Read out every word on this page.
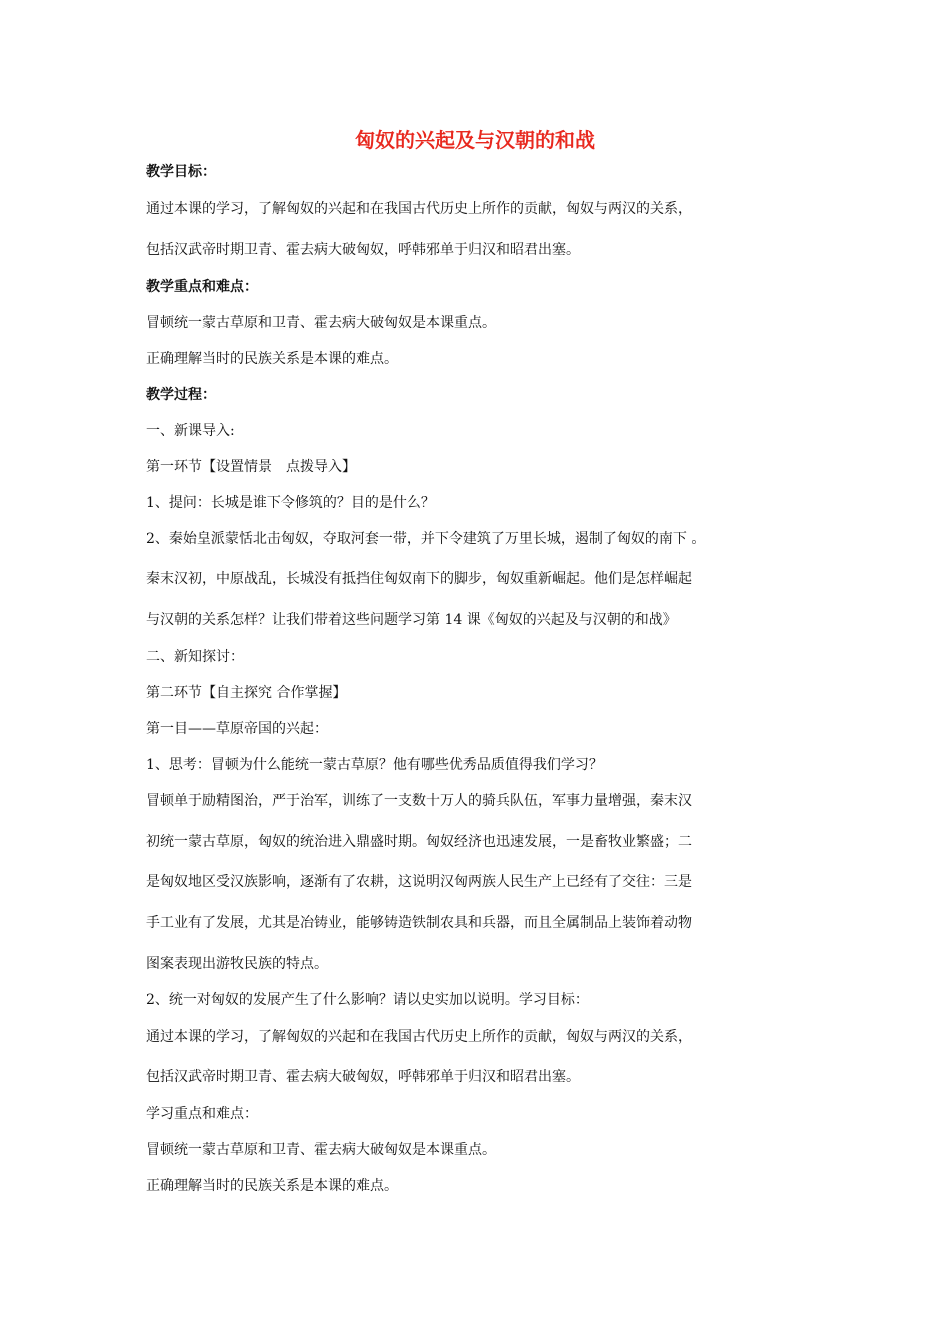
匈奴的兴起及与汉朝的和战
教学目标：
通过本课的学习，了解匈奴的兴起和在我国古代历史上所作的贡献，匈奴与两汉的关系，
包括汉武帝时期卫青、霍去病大破匈奴，呼韩邪单于归汉和昭君出塞。
教学重点和难点：
冒顿统一蒙古草原和卫青、霍去病大破匈奴是本课重点。
正确理解当时的民族关系是本课的难点。
教学过程：
一、新课导入:
第一环节【设置情景　点拨导入】
1、提问：长城是谁下令修筑的？目的是什么？
2、秦始皇派蒙恬北击匈奴，夺取河套一带，并下令建筑了万里长城，遏制了匈奴的南下 。
秦末汉初，中原战乱，长城没有抵挡住匈奴南下的脚步，匈奴重新崛起。他们是怎样崛起
与汉朝的关系怎样？让我们带着这些问题学习第 14 课《匈奴的兴起及与汉朝的和战》
二、新知探讨：
第二环节【自主探究 合作掌握】
第一目——草原帝国的兴起：
1、思考：冒顿为什么能统一蒙古草原？他有哪些优秀品质值得我们学习？
冒顿单于励精图治，严于治军，训练了一支数十万人的骑兵队伍，军事力量增强，秦末汉
初统一蒙古草原，匈奴的统治进入鼎盛时期。匈奴经济也迅速发展，一是畜牧业繁盛；二
是匈奴地区受汉族影响，逐渐有了农耕，这说明汉匈两族人民生产上已经有了交往：三是
手工业有了发展，尤其是冶铸业，能够铸造铁制农具和兵器，而且全属制品上装饰着动物
图案表现出游牧民族的特点。
2、统一对匈奴的发展产生了什么影响？请以史实加以说明。学习目标：
通过本课的学习，了解匈奴的兴起和在我国古代历史上所作的贡献，匈奴与两汉的关系，
包括汉武帝时期卫青、霍去病大破匈奴，呼韩邪单于归汉和昭君出塞。
学习重点和难点：
冒顿统一蒙古草原和卫青、霍去病大破匈奴是本课重点。
正确理解当时的民族关系是本课的难点。
